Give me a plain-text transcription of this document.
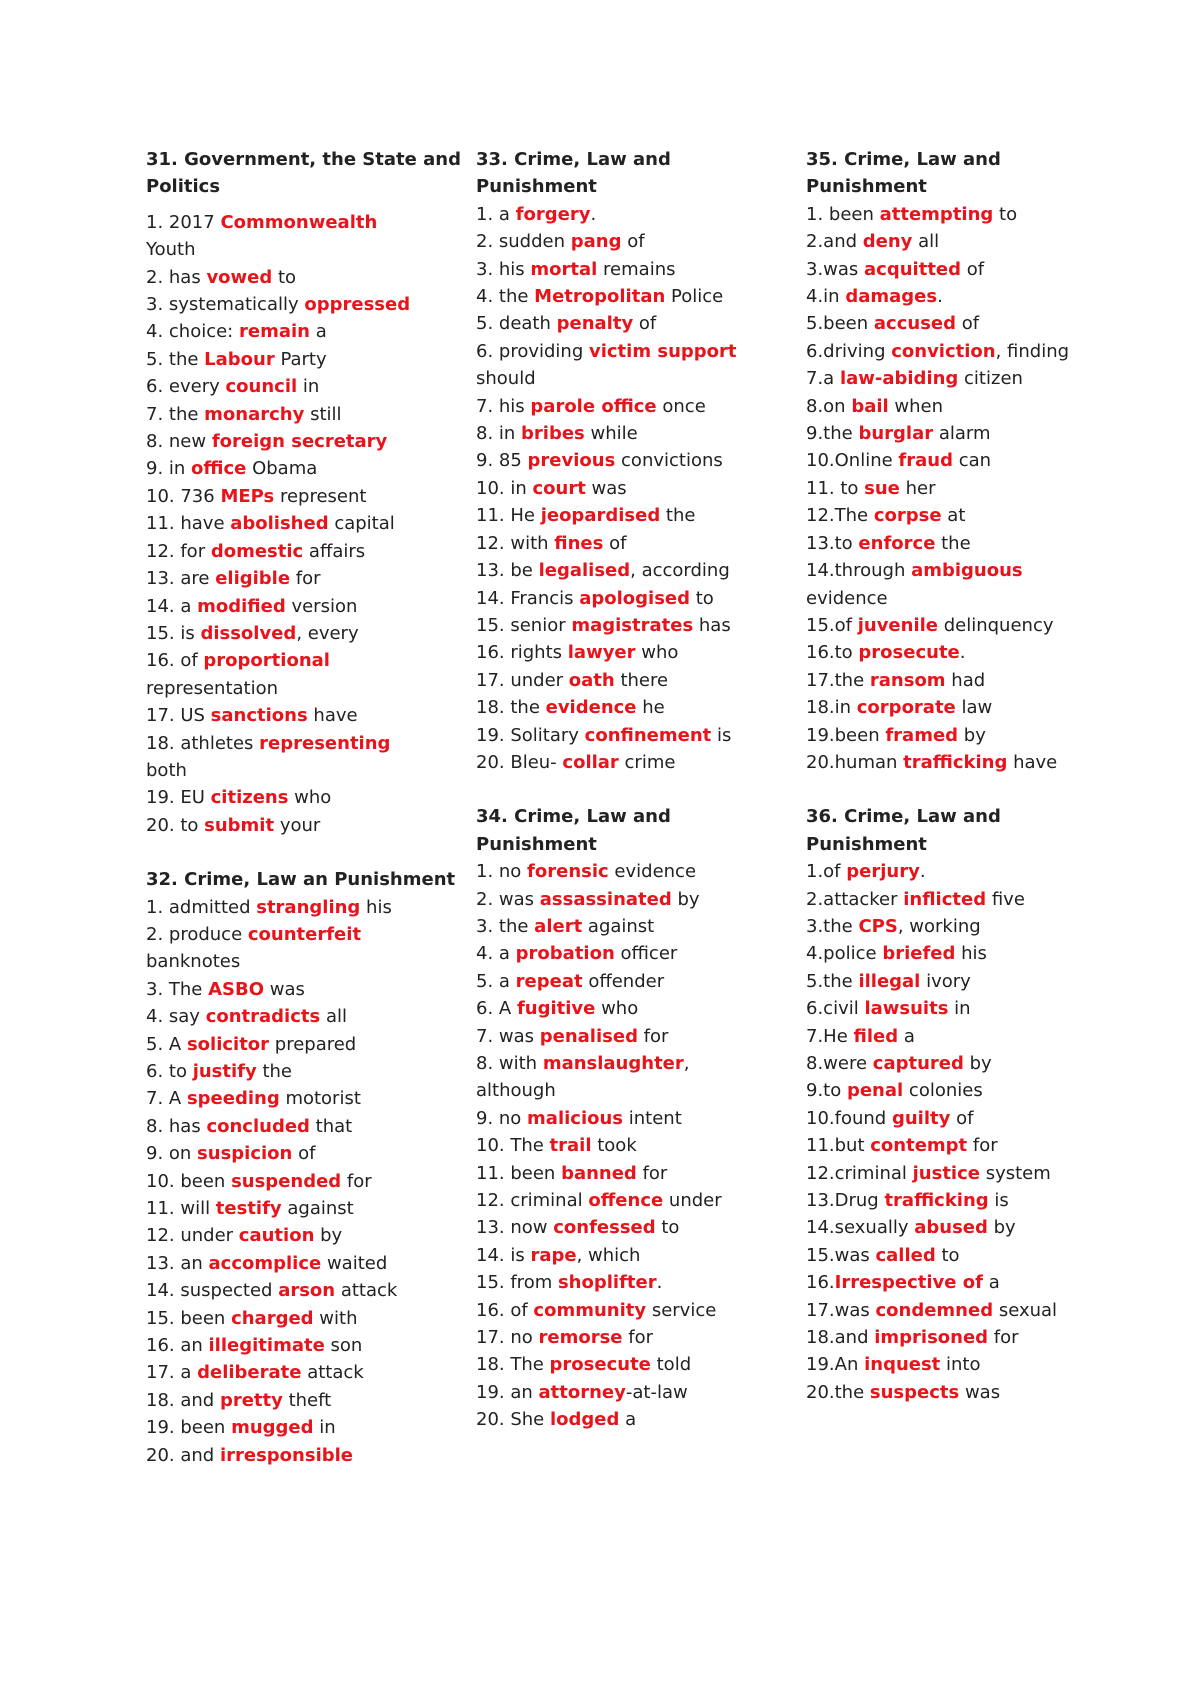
31. Government, the State and Politics
1. 2017 Commonwealth
Youth
2. has vowed to
3. systematically oppressed
4. choice: remain a
5. the Labour Party
6. every council in
7. the monarchy still
8. new foreign secretary
9. in office Obama
10. 736 MEPs represent
11. have abolished capital
12. for domestic affairs
13. are eligible for
14. a modified version
15. is dissolved, every
16. of proportional
representation
17. US sanctions have
18. athletes representing
both
19. EU citizens who
20. to submit your
32. Crime, Law an Punishment
1. admitted strangling his
2. produce counterfeit
banknotes
3. The ASBO was
4. say contradicts all
5. A solicitor prepared
6. to justify the
7. A speeding motorist
8. has concluded that
9. on suspicion of
10. been suspended for
11. will testify against
12. under caution by
13. an accomplice waited
14. suspected arson attack
15. been charged with
16. an illegitimate son
17. a deliberate attack
18. and pretty theft
19. been mugged in
20. and irresponsible
33. Crime, Law and Punishment
1. a forgery.
2. sudden pang of
3. his mortal remains
4. the Metropolitan Police
5. death penalty of
6. providing victim support
should
7. his parole office once
8. in bribes while
9. 85 previous convictions
10. in court was
11. He jeopardised the
12. with fines of
13. be legalised, according
14. Francis apologised to
15. senior magistrates has
16. rights lawyer who
17. under oath there
18. the evidence he
19. Solitary confinement is
20. Bleu- collar crime
34. Crime, Law and Punishment
1. no forensic evidence
2. was assassinated by
3. the alert against
4. a probation officer
5. a repeat offender
6. A fugitive who
7. was penalised for
8. with manslaughter,
although
9. no malicious intent
10. The trail took
11. been banned for
12. criminal offence under
13. now confessed to
14. is rape, which
15. from shoplifter.
16. of community service
17. no remorse for
18. The prosecute told
19. an attorney-at-law
20. She lodged a
35. Crime, Law and Punishment
1. been attempting to
2.and deny all
3.was acquitted of
4.in damages.
5.been accused of
6.driving conviction, finding
7.a law-abiding citizen
8.on bail when
9.the burglar alarm
10.Online fraud can
11. to sue her
12.The corpse at
13.to enforce the
14.through ambiguous
evidence
15.of juvenile delinquency
16.to prosecute.
17.the ransom had
18.in corporate law
19.been framed by
20.human trafficking have
36. Crime, Law and Punishment
1.of perjury.
2.attacker inflicted five
3.the CPS, working
4.police briefed his
5.the illegal ivory
6.civil lawsuits in
7.He filed a
8.were captured by
9.to penal colonies
10.found guilty of
11.but contempt for
12.criminal justice system
13.Drug trafficking is
14.sexually abused by
15.was called to
16.Irrespective of a
17.was condemned sexual
18.and imprisoned for
19.An inquest into
20.the suspects was
